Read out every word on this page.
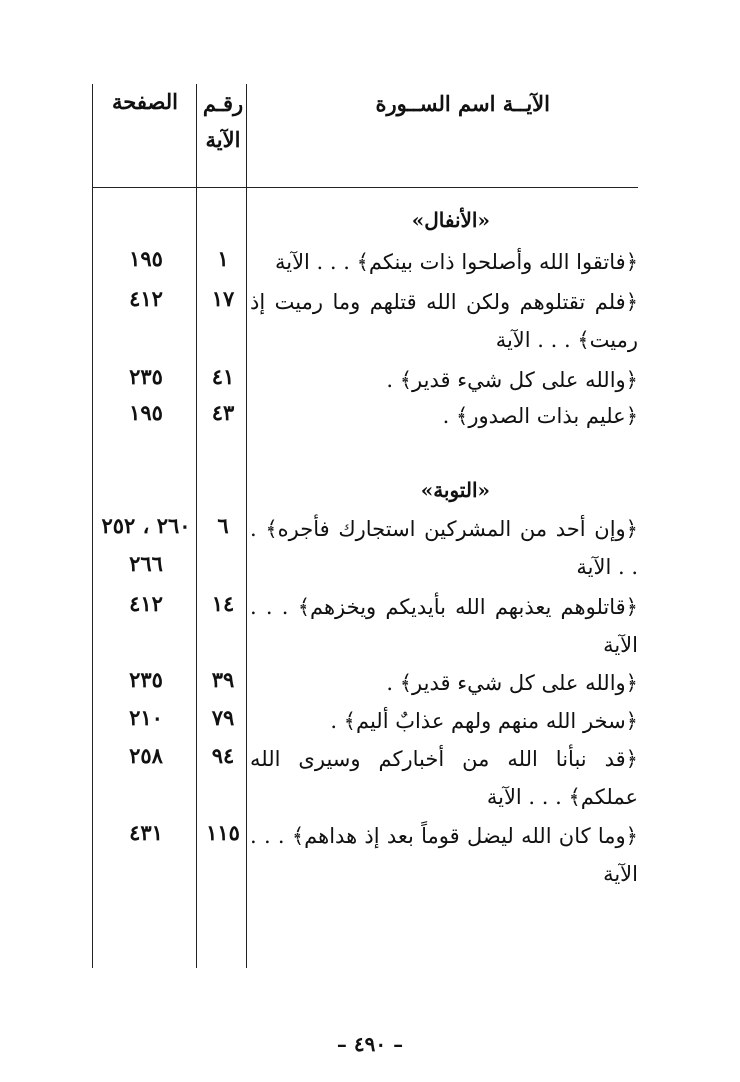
الآيــة اسم الســورة
رقـم
الآية
الصفحة
«الأنفال»
﴿فاتقوا الله وأصلحوا ذات بينكم﴾ . . . الآية
١
١٩٥
﴿فلم تقتلوهم ولكن الله قتلهم وما رميت إذ رميت﴾ . . . الآية
١٧
٤١٢
﴿والله على كل شيء قدير﴾ .
٤١
٢٣٥
﴿عليم بذات الصدور﴾ .
٤٣
١٩٥
«التوبة»
﴿وإن أحد من المشركين استجارك فأجره﴾ . . . الآية
٦
٢٦٠ ، ٢٥٢
٢٦٦
﴿قاتلوهم يعذبهم الله بأيديكم ويخزهم﴾ . . . الآية
١٤
٤١٢
﴿والله على كل شيء قدير﴾ .
٣٩
٢٣٥
﴿سخر الله منهم ولهم عذابٌ أليم﴾ .
٧٩
٢١٠
﴿قد نبأنا الله من أخباركم وسيرى الله عملكم﴾ . . . الآية
٩٤
٢٥٨
﴿وما كان الله ليضل قوماً بعد إذ هداهم﴾ . . . الآية
١١٥
٤٣١
– ٤٩٠ –
